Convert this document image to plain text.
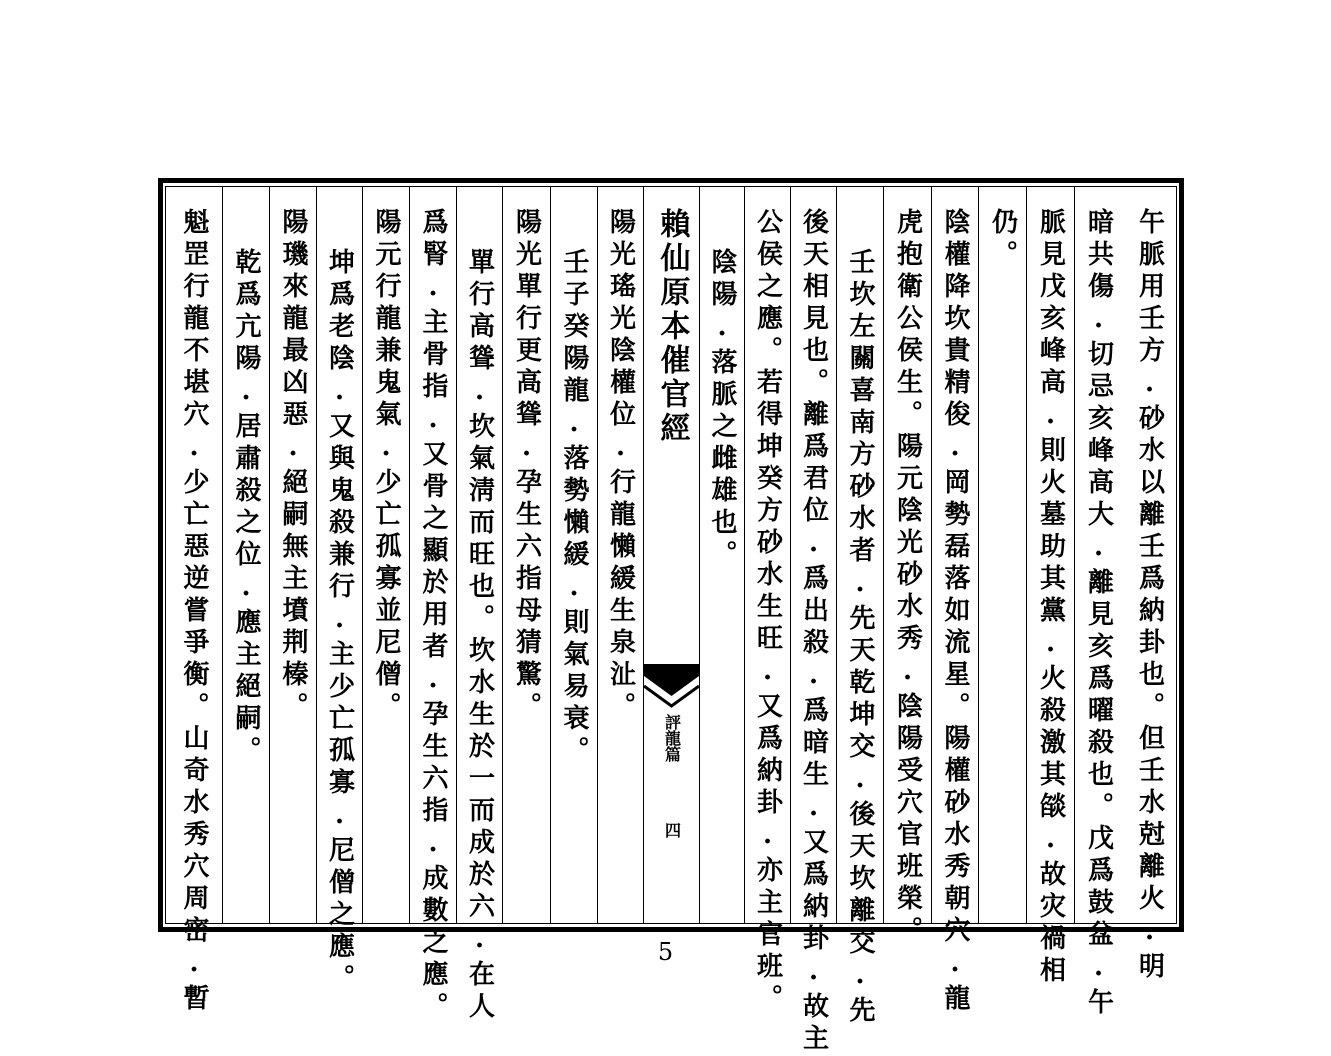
午脈用壬方.砂水以離壬爲納卦也。但壬水尅離火.明
暗共傷.切忌亥峰高大.離見亥爲曜殺也。戊爲鼓盆.午
脈見戊亥峰高.則火墓助其黨.火殺激其燄.故灾禍相
仍。
陰權降坎貴精俊.岡勢磊落如流星。陽權砂水秀朝穴.龍
虎抱衛公侯生。陽元陰光砂水秀.陰陽受穴官班榮。
壬坎左關喜南方砂水者.先天乾坤交.後天坎離交.先
後天相見也。離爲君位.爲出殺.爲暗生.又爲納卦.故主
公侯之應。若得坤癸方砂水生旺.又爲納卦.亦主官班。
陰陽.落脈之雌雄也。
賴仙原本催官經
評龍篇
四
陽光瑤光陰權位.行龍懶緩生泉沚。
壬子癸陽龍.落勢懶緩.則氣易衰。
陽光單行更高聳.孕生六指母猜驚。
單行高聳.坎氣淸而旺也。坎水生於一而成於六.在人
爲腎.主骨指.又骨之顯於用者.孕生六指.成數之應。
陽元行龍兼鬼氣.少亡孤寡並尼僧。
坤爲老陰.又與鬼殺兼行.主少亡孤寡.尼僧之應。
陽璣來龍最凶惡.絕嗣無主墳荆榛。
乾爲亢陽.居肅殺之位.應主絕嗣。
魁罡行龍不堪穴.少亡惡逆嘗爭衡。山奇水秀穴周密.暫	5
